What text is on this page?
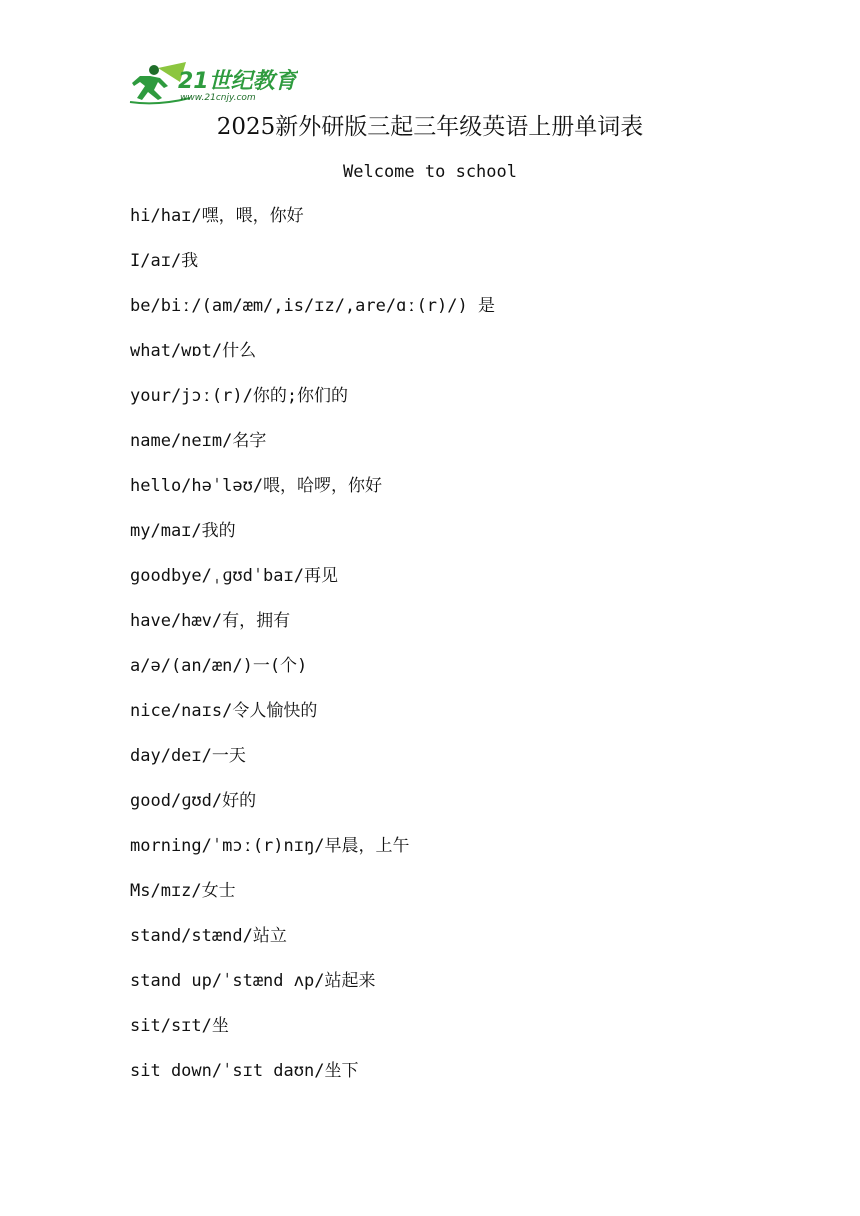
21世纪教育
www.21cnjy.com
2025新外研版三起三年级英语上册单词表
Welcome to school
hi/haɪ/嘿，喂，你好
I/aɪ/我
be/biː/(am/æm/,is/ɪz/,are/ɑː(r)/) 是
what/wɒt/什么
your/jɔː(r)/你的;你们的
name/neɪm/名字
hello/həˈləʊ/喂，哈啰，你好
my/maɪ/我的
goodbye/ˌɡʊdˈbaɪ/再见
have/hæv/有，拥有
a/ə/(an/æn/)一(个)
nice/naɪs/令人愉快的
day/deɪ/一天
good/ɡʊd/好的
morning/ˈmɔː(r)nɪŋ/早晨，上午
Ms/mɪz/女士
stand/stænd/站立
stand up/ˈstænd ʌp/站起来
sit/sɪt/坐
sit down/ˈsɪt daʊn/坐下
